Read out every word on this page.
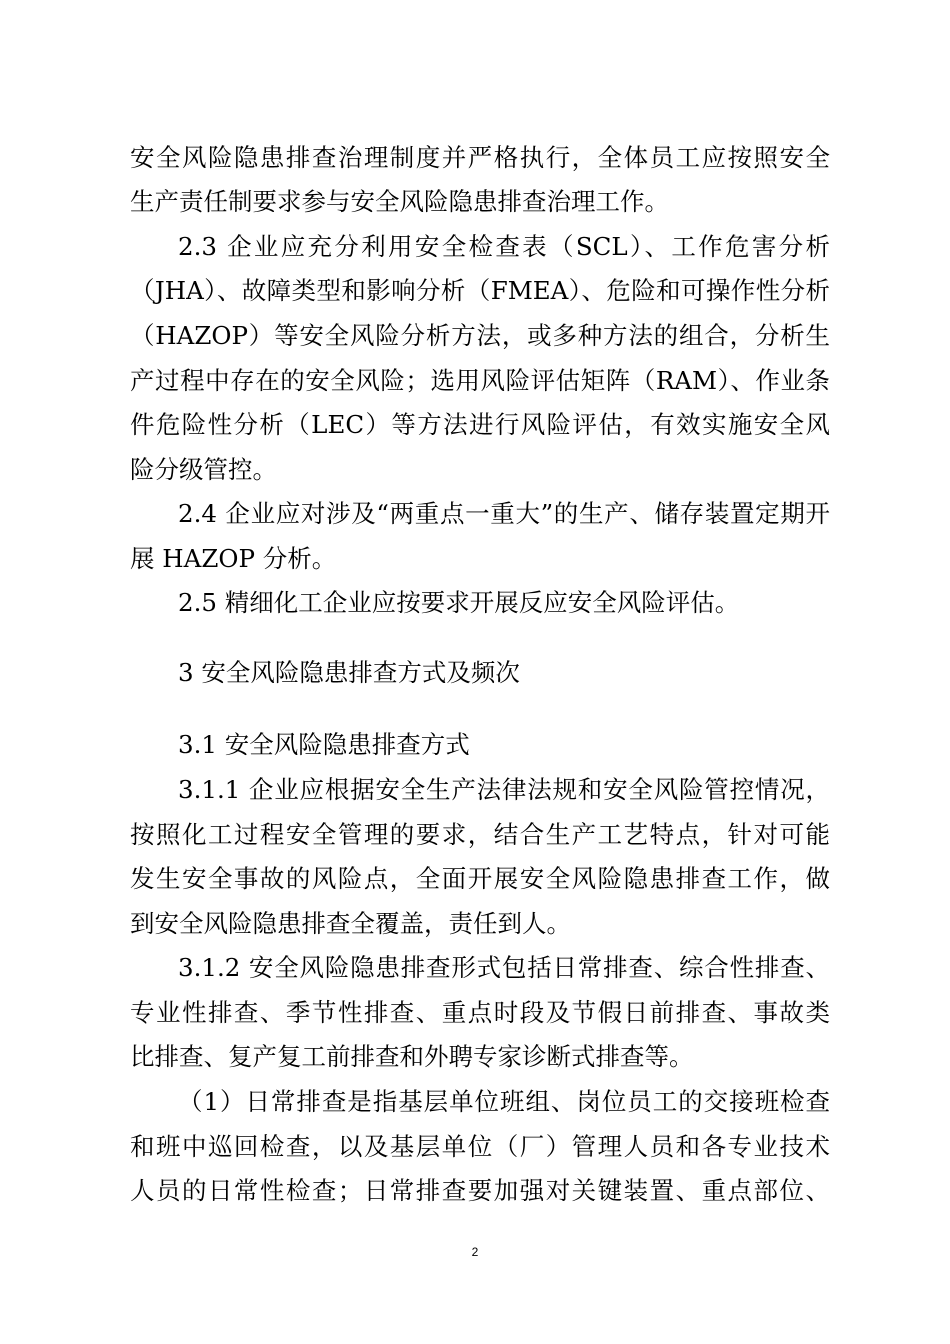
安全风险隐患排查治理制度并严格执行，全体员工应按照安全
生产责任制要求参与安全风险隐患排查治理工作。
2.3 企业应充分利用安全检查表（SCL）、工作危害分析
（JHA）、故障类型和影响分析（FMEA）、危险和可操作性分析
（HAZOP）等安全风险分析方法，或多种方法的组合，分析生
产过程中存在的安全风险；选用风险评估矩阵（RAM）、作业条
件危险性分析（LEC）等方法进行风险评估，有效实施安全风
险分级管控。
2.4 企业应对涉及“两重点一重大”的生产、储存装置定期开
展 HAZOP 分析。
2.5 精细化工企业应按要求开展反应安全风险评估。
3 安全风险隐患排查方式及频次
3.1 安全风险隐患排查方式
3.1.1 企业应根据安全生产法律法规和安全风险管控情况，
按照化工过程安全管理的要求，结合生产工艺特点，针对可能
发生安全事故的风险点，全面开展安全风险隐患排查工作，做
到安全风险隐患排查全覆盖，责任到人。
3.1.2 安全风险隐患排查形式包括日常排查、综合性排查、
专业性排查、季节性排查、重点时段及节假日前排查、事故类
比排查、复产复工前排查和外聘专家诊断式排查等。
（1）日常排查是指基层单位班组、岗位员工的交接班检查
和班中巡回检查，以及基层单位（厂）管理人员和各专业技术
人员的日常性检查；日常排查要加强对关键装置、重点部位、
2
